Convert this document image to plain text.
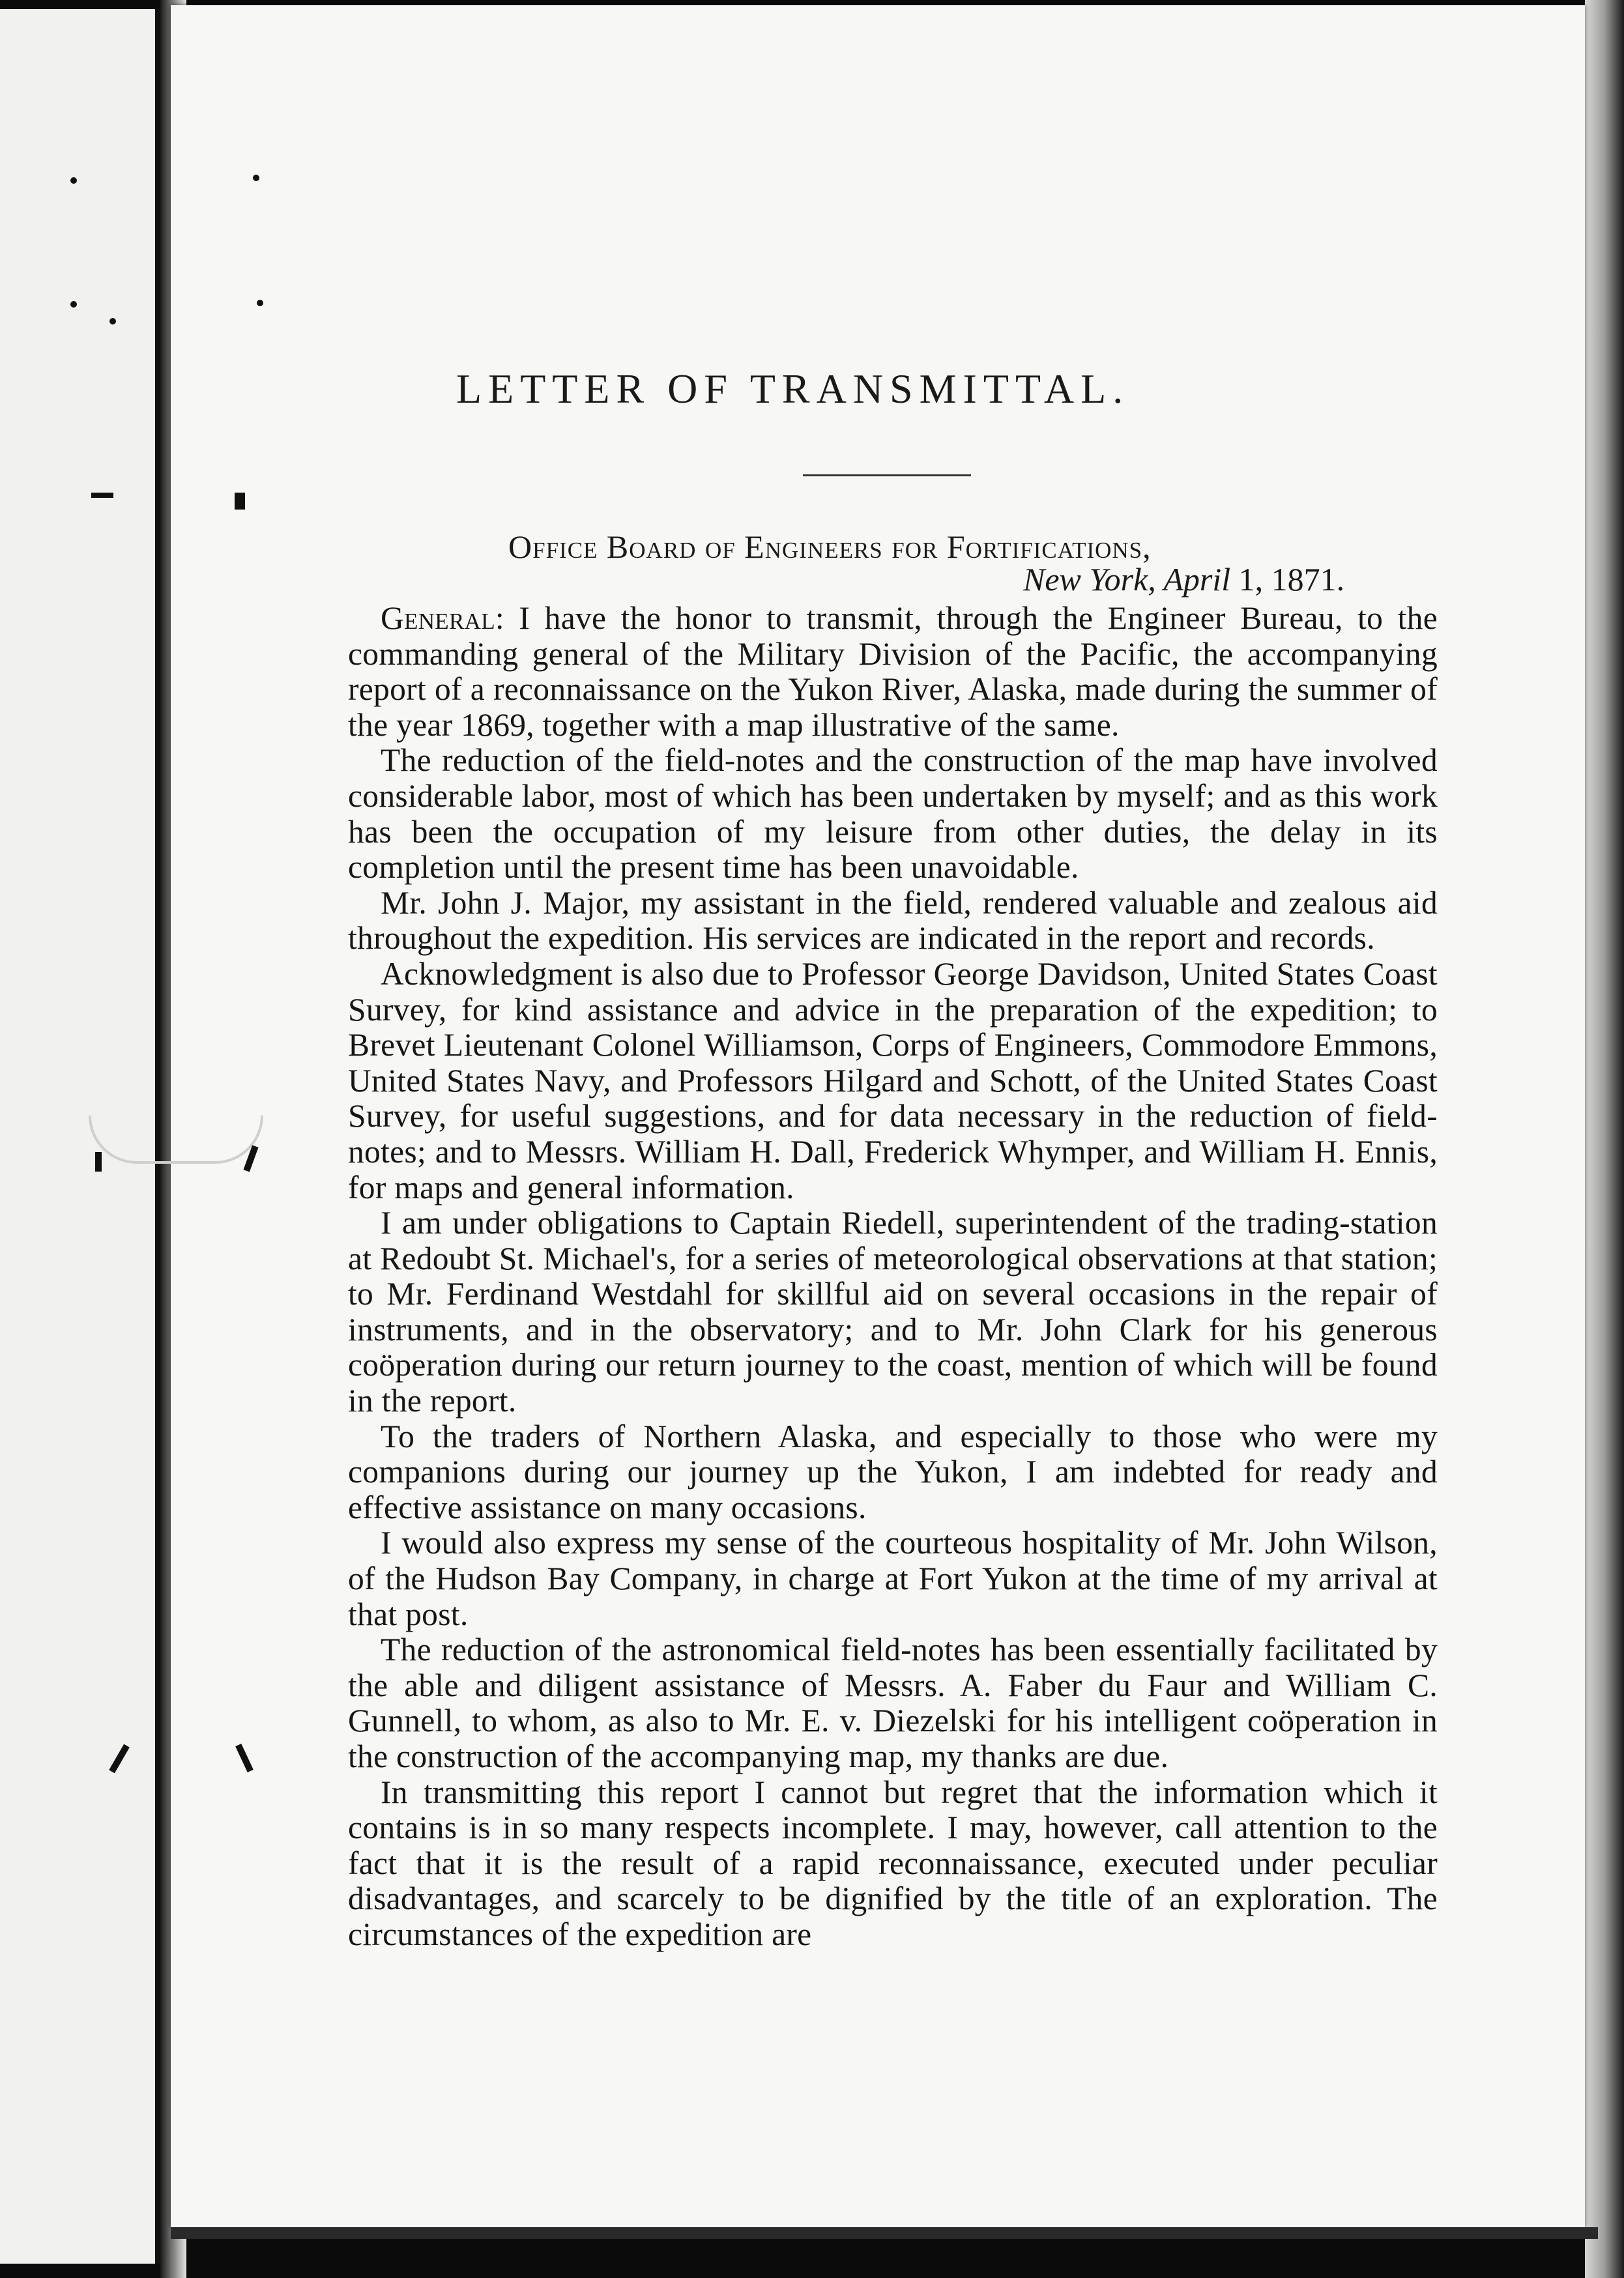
LETTER OF TRANSMITTAL.
Office Board of Engineers for Fortifications,
New York, April 1, 1871.

General: I have the honor to transmit, through the Engineer Bureau, to the commanding general of the Military Division of the Pacific, the accompanying report of a reconnaissance on the Yukon River, Alaska, made during the summer of the year 1869, together with a map illustrative of the same.

The reduction of the field-notes and the construction of the map have involved considerable labor, most of which has been undertaken by myself; and as this work has been the occupation of my leisure from other duties, the delay in its completion until the present time has been unavoidable.

Mr. John J. Major, my assistant in the field, rendered valuable and zealous aid throughout the expedition. His services are indicated in the report and records.

Acknowledgment is also due to Professor George Davidson, United States Coast Survey, for kind assistance and advice in the preparation of the expedition; to Brevet Lieutenant Colonel Williamson, Corps of Engineers, Commodore Emmons, United States Navy, and Professors Hilgard and Schott, of the United States Coast Survey, for useful suggestions, and for data necessary in the reduction of field-notes; and to Messrs. William H. Dall, Frederick Whymper, and William H. Ennis, for maps and general information.

I am under obligations to Captain Riedell, superintendent of the trading-station at Redoubt St. Michael's, for a series of meteorological observations at that station; to Mr. Ferdinand Westdahl for skillful aid on several occasions in the repair of instruments, and in the observatory; and to Mr. John Clark for his generous coöperation during our return journey to the coast, mention of which will be found in the report.

To the traders of Northern Alaska, and especially to those who were my companions during our journey up the Yukon, I am indebted for ready and effective assistance on many occasions.

I would also express my sense of the courteous hospitality of Mr. John Wilson, of the Hudson Bay Company, in charge at Fort Yukon at the time of my arrival at that post.

The reduction of the astronomical field-notes has been essentially facilitated by the able and diligent assistance of Messrs. A. Faber du Faur and William C. Gunnell, to whom, as also to Mr. E. v. Diezelski for his intelligent coöperation in the construction of the accompanying map, my thanks are due.

In transmitting this report I cannot but regret that the information which it contains is in so many respects incomplete. I may, however, call attention to the fact that it is the result of a rapid reconnaissance, executed under peculiar disadvantages, and scarcely to be dignified by the title of an exploration. The circumstances of the expedition are
